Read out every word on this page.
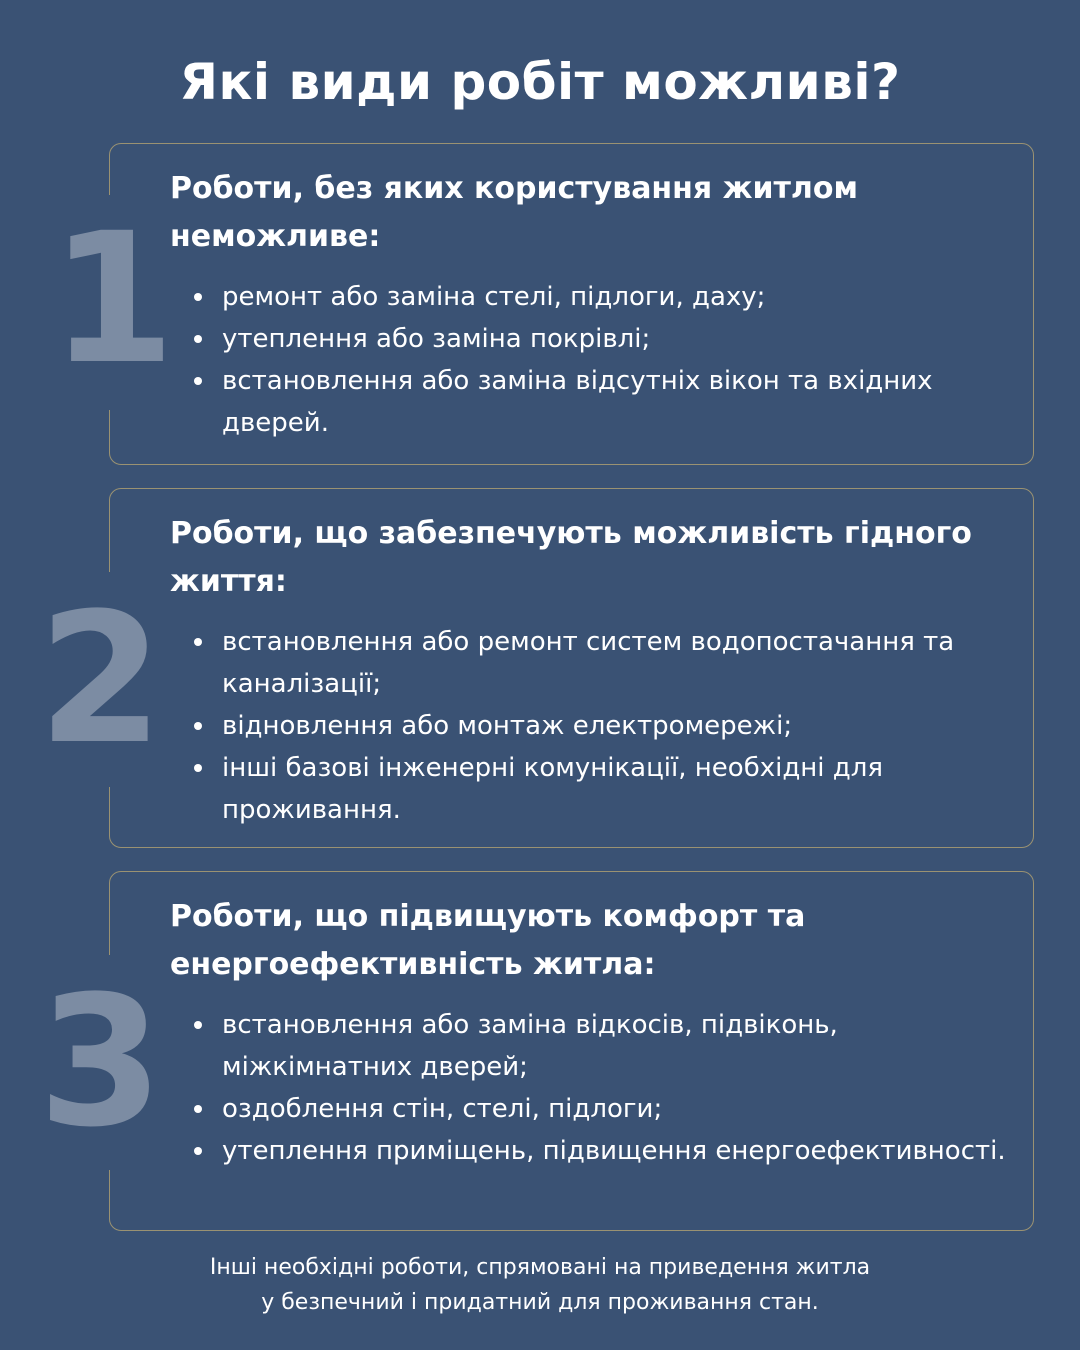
Які види робіт можливі?
1
Роботи, без яких користування житлом неможливе:
ремонт або заміна стелі, підлоги, даху;
утеплення або заміна покрівлі;
встановлення або заміна відсутніх вікон та вхідних дверей.
2
Роботи, що забезпечують можливість гідного життя:
встановлення або ремонт систем водопостачання та каналізації;
відновлення або монтаж електромережі;
інші базові інженерні комунікації, необхідні для проживання.
3
Роботи, що підвищують комфорт та енергоефективність житла:
встановлення або заміна відкосів, підвіконь, міжкімнатних дверей;
оздоблення стін, стелі, підлоги;
утеплення приміщень, підвищення енергоефективності.

Інші необхідні роботи, спрямовані на приведення житла
у безпечний і придатний для проживання стан.
